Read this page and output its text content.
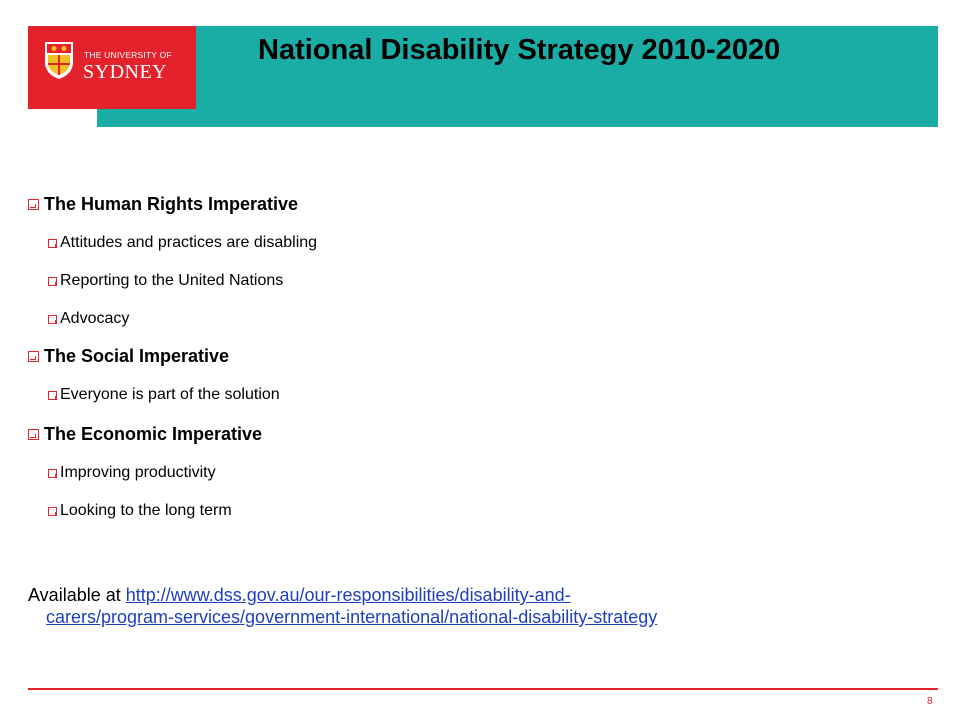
THE UNIVERSITY OF
SYDNEY
National Disability Strategy 2010-2020
The Human Rights Imperative
Attitudes and practices are disabling
Reporting to the United Nations
Advocacy
The Social Imperative
Everyone is part of the solution
The Economic Imperative
Improving productivity
Looking to the long term
Available at http://www.dss.gov.au/our-responsibilities/disability-and-
carers/program-services/government-international/national-disability-strategy
8
